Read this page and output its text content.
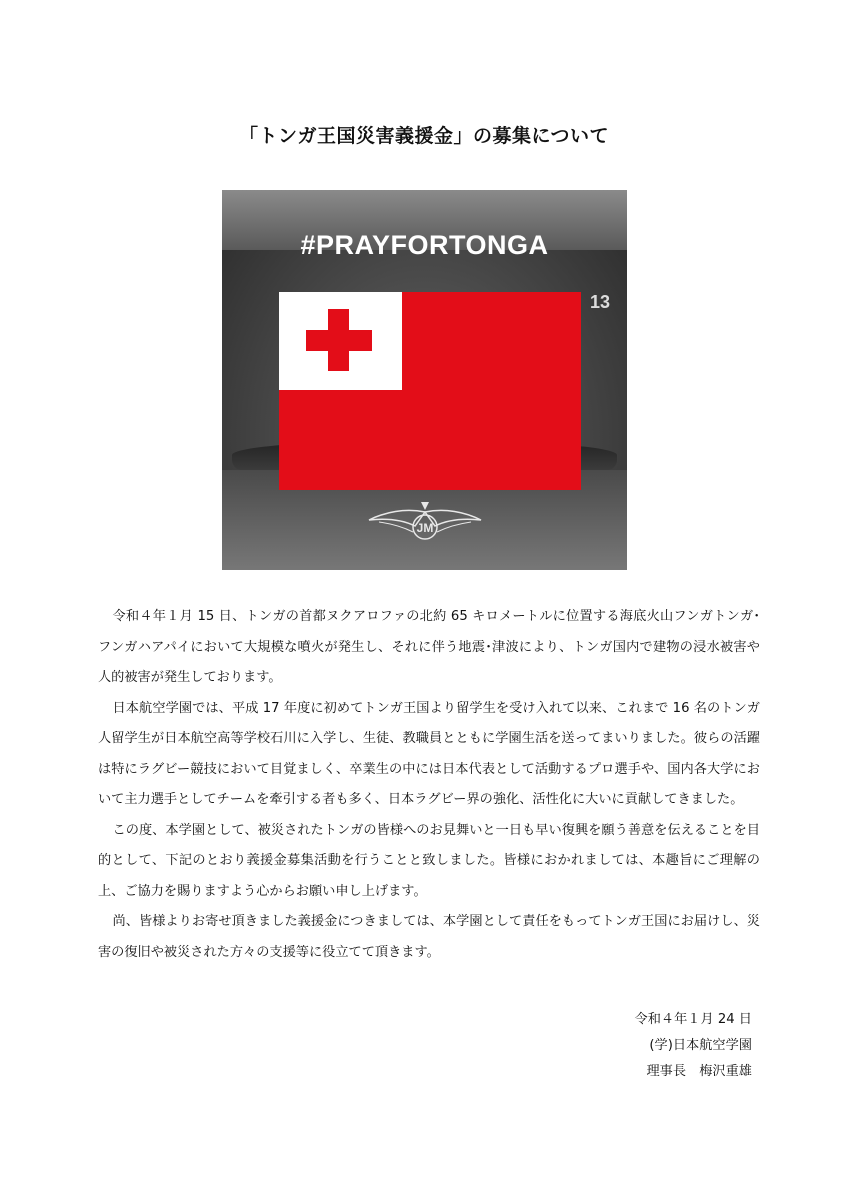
「トンガ王国災害義援金」の募集について
#PRAYFORTONGA
13
JM

令和４年１月 15 日、トンガの首都ヌクアロファの北約 65 キロメートルに位置する海底火山フンガトンガ･フンガハアパイにおいて大規模な噴火が発生し、それに伴う地震･津波により、トンガ国内で建物の浸水被害や人的被害が発生しております。

日本航空学園では、平成 17 年度に初めてトンガ王国より留学生を受け入れて以来、これまで 16 名のトンガ人留学生が日本航空高等学校石川に入学し、生徒、教職員とともに学園生活を送ってまいりました。彼らの活躍は特にラグビー競技において目覚ましく、卒業生の中には日本代表として活動するプロ選手や、国内各大学において主力選手としてチームを牽引する者も多く、日本ラグビー界の強化、活性化に大いに貢献してきました。

この度、本学園として、被災されたトンガの皆様へのお見舞いと一日も早い復興を願う善意を伝えることを目的として、下記のとおり義援金募集活動を行うことと致しました。皆様におかれましては、本趣旨にご理解の上、ご協力を賜りますよう心からお願い申し上げます。

尚、皆様よりお寄せ頂きました義援金につきましては、本学園として責任をもってトンガ王国にお届けし、災害の復旧や被災された方々の支援等に役立てて頂きます。

令和４年１月 24 日
(学)日本航空学園
理事長　梅沢重雄
